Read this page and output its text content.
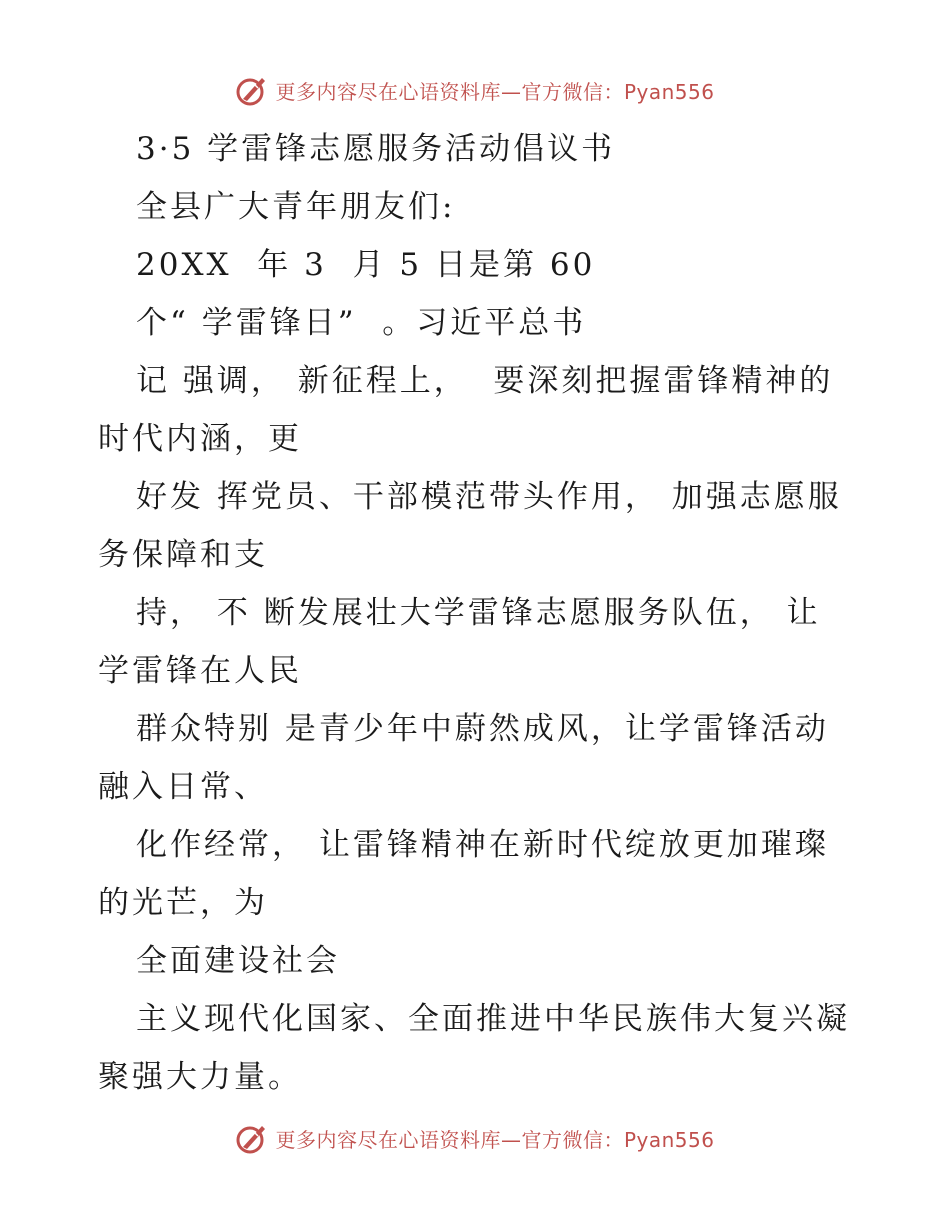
更多内容尽在心语资料库—官方微信：Pyan556
3·5 学雷锋志愿服务活动倡议书
全县广大青年朋友们:
20XX  年 3  月 5 日是第 60
个“ 学雷锋日”  。习近平总书
记 强调， 新征程上，  要深刻把握雷锋精神的
时代内涵，更
好发 挥党员、干部模范带头作用， 加强志愿服
务保障和支
持， 不 断发展壮大学雷锋志愿服务队伍， 让
学雷锋在人民
群众特别 是青少年中蔚然成风，让学雷锋活动
融入日常、
化作经常， 让雷锋精神在新时代绽放更加璀璨
的光芒，为
全面建设社会
主义现代化国家、全面推进中华民族伟大复兴凝
聚强大力量。
更多内容尽在心语资料库—官方微信：Pyan556
